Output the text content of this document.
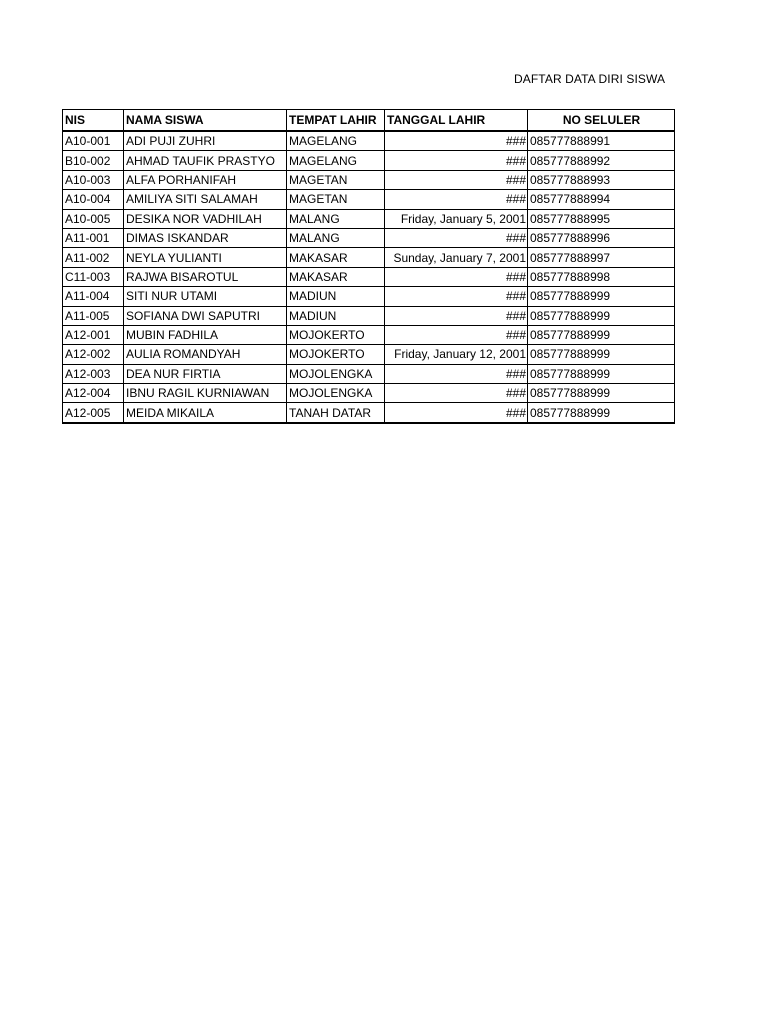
DAFTAR DATA DIRI SISWA
NIS	NAMA SISWA	TEMPAT LAHIR	TANGGAL LAHIR	NO SELULER
A10-001	ADI PUJI ZUHRI	MAGELANG	###	085777888991
B10-002	AHMAD TAUFIK PRASTYO	MAGELANG	###	085777888992
A10-003	ALFA PORHANIFAH	MAGETAN	###	085777888993
A10-004	AMILIYA SITI SALAMAH	MAGETAN	###	085777888994
A10-005	DESIKA NOR VADHILAH	MALANG	Friday, January 5, 2001	085777888995
A11-001	DIMAS ISKANDAR	MALANG	###	085777888996
A11-002	NEYLA YULIANTI	MAKASAR	Sunday, January 7, 2001	085777888997
C11-003	RAJWA BISAROTUL	MAKASAR	###	085777888998
A11-004	SITI NUR UTAMI	MADIUN	###	085777888999
A11-005	SOFIANA DWI SAPUTRI	MADIUN	###	085777888999
A12-001	MUBIN FADHILA	MOJOKERTO	###	085777888999
A12-002	AULIA ROMANDYAH	MOJOKERTO	Friday, January 12, 2001	085777888999
A12-003	DEA NUR FIRTIA	MOJOLENGKA	###	085777888999
A12-004	IBNU RAGIL KURNIAWAN	MOJOLENGKA	###	085777888999
A12-005	MEIDA MIKAILA	TANAH DATAR	###	085777888999
